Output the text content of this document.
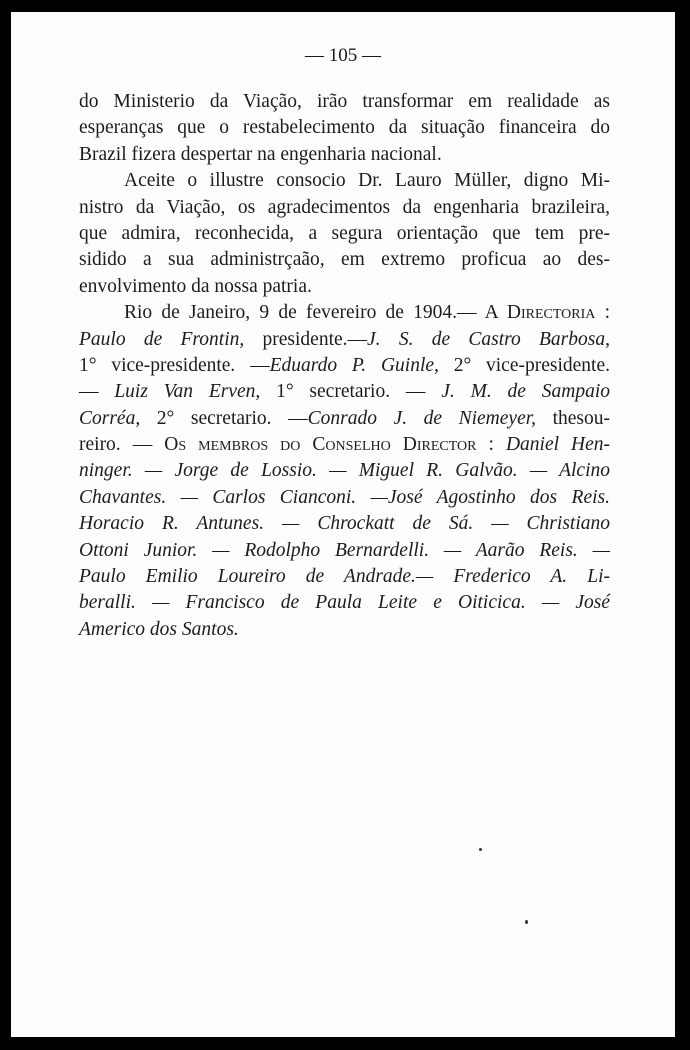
— 105 —
do Ministerio da Viação, irão transformar em realidade as
esperanças que o restabelecimento da situação financeira do
Brazil fizera despertar na engenharia nacional.
Aceite o illustre consocio Dr. Lauro Müller, digno Mi-
nistro da Viação, os agradecimentos da engenharia brazileira,
que admira, reconhecida, a segura orientação que tem pre-
sidido a sua administrçaão, em extremo proficua ao des-
envolvimento da nossa patria.
Rio de Janeiro, 9 de fevereiro de 1904.— A Directoria :
Paulo de Frontin, presidente.—J. S. de Castro Barbosa,
1° vice-presidente. —Eduardo P. Guinle, 2° vice-presidente.
— Luiz Van Erven, 1° secretario. — J. M. de Sampaio
Corréa, 2° secretario. —Conrado J. de Niemeyer, thesou-
reiro. — Os membros do Conselho Director : Daniel Hen-
ninger. — Jorge de Lossio. — Miguel R. Galvão. — Alcino
Chavantes. — Carlos Cianconi. —José Agostinho dos Reis.
Horacio R. Antunes. — Chrockatt de Sá. — Christiano
Ottoni Junior. — Rodolpho Bernardelli. — Aarão Reis. —
Paulo Emilio Loureiro de Andrade.— Frederico A. Li-
beralli. — Francisco de Paula Leite e Oiticica. — José
Americo dos Santos.
